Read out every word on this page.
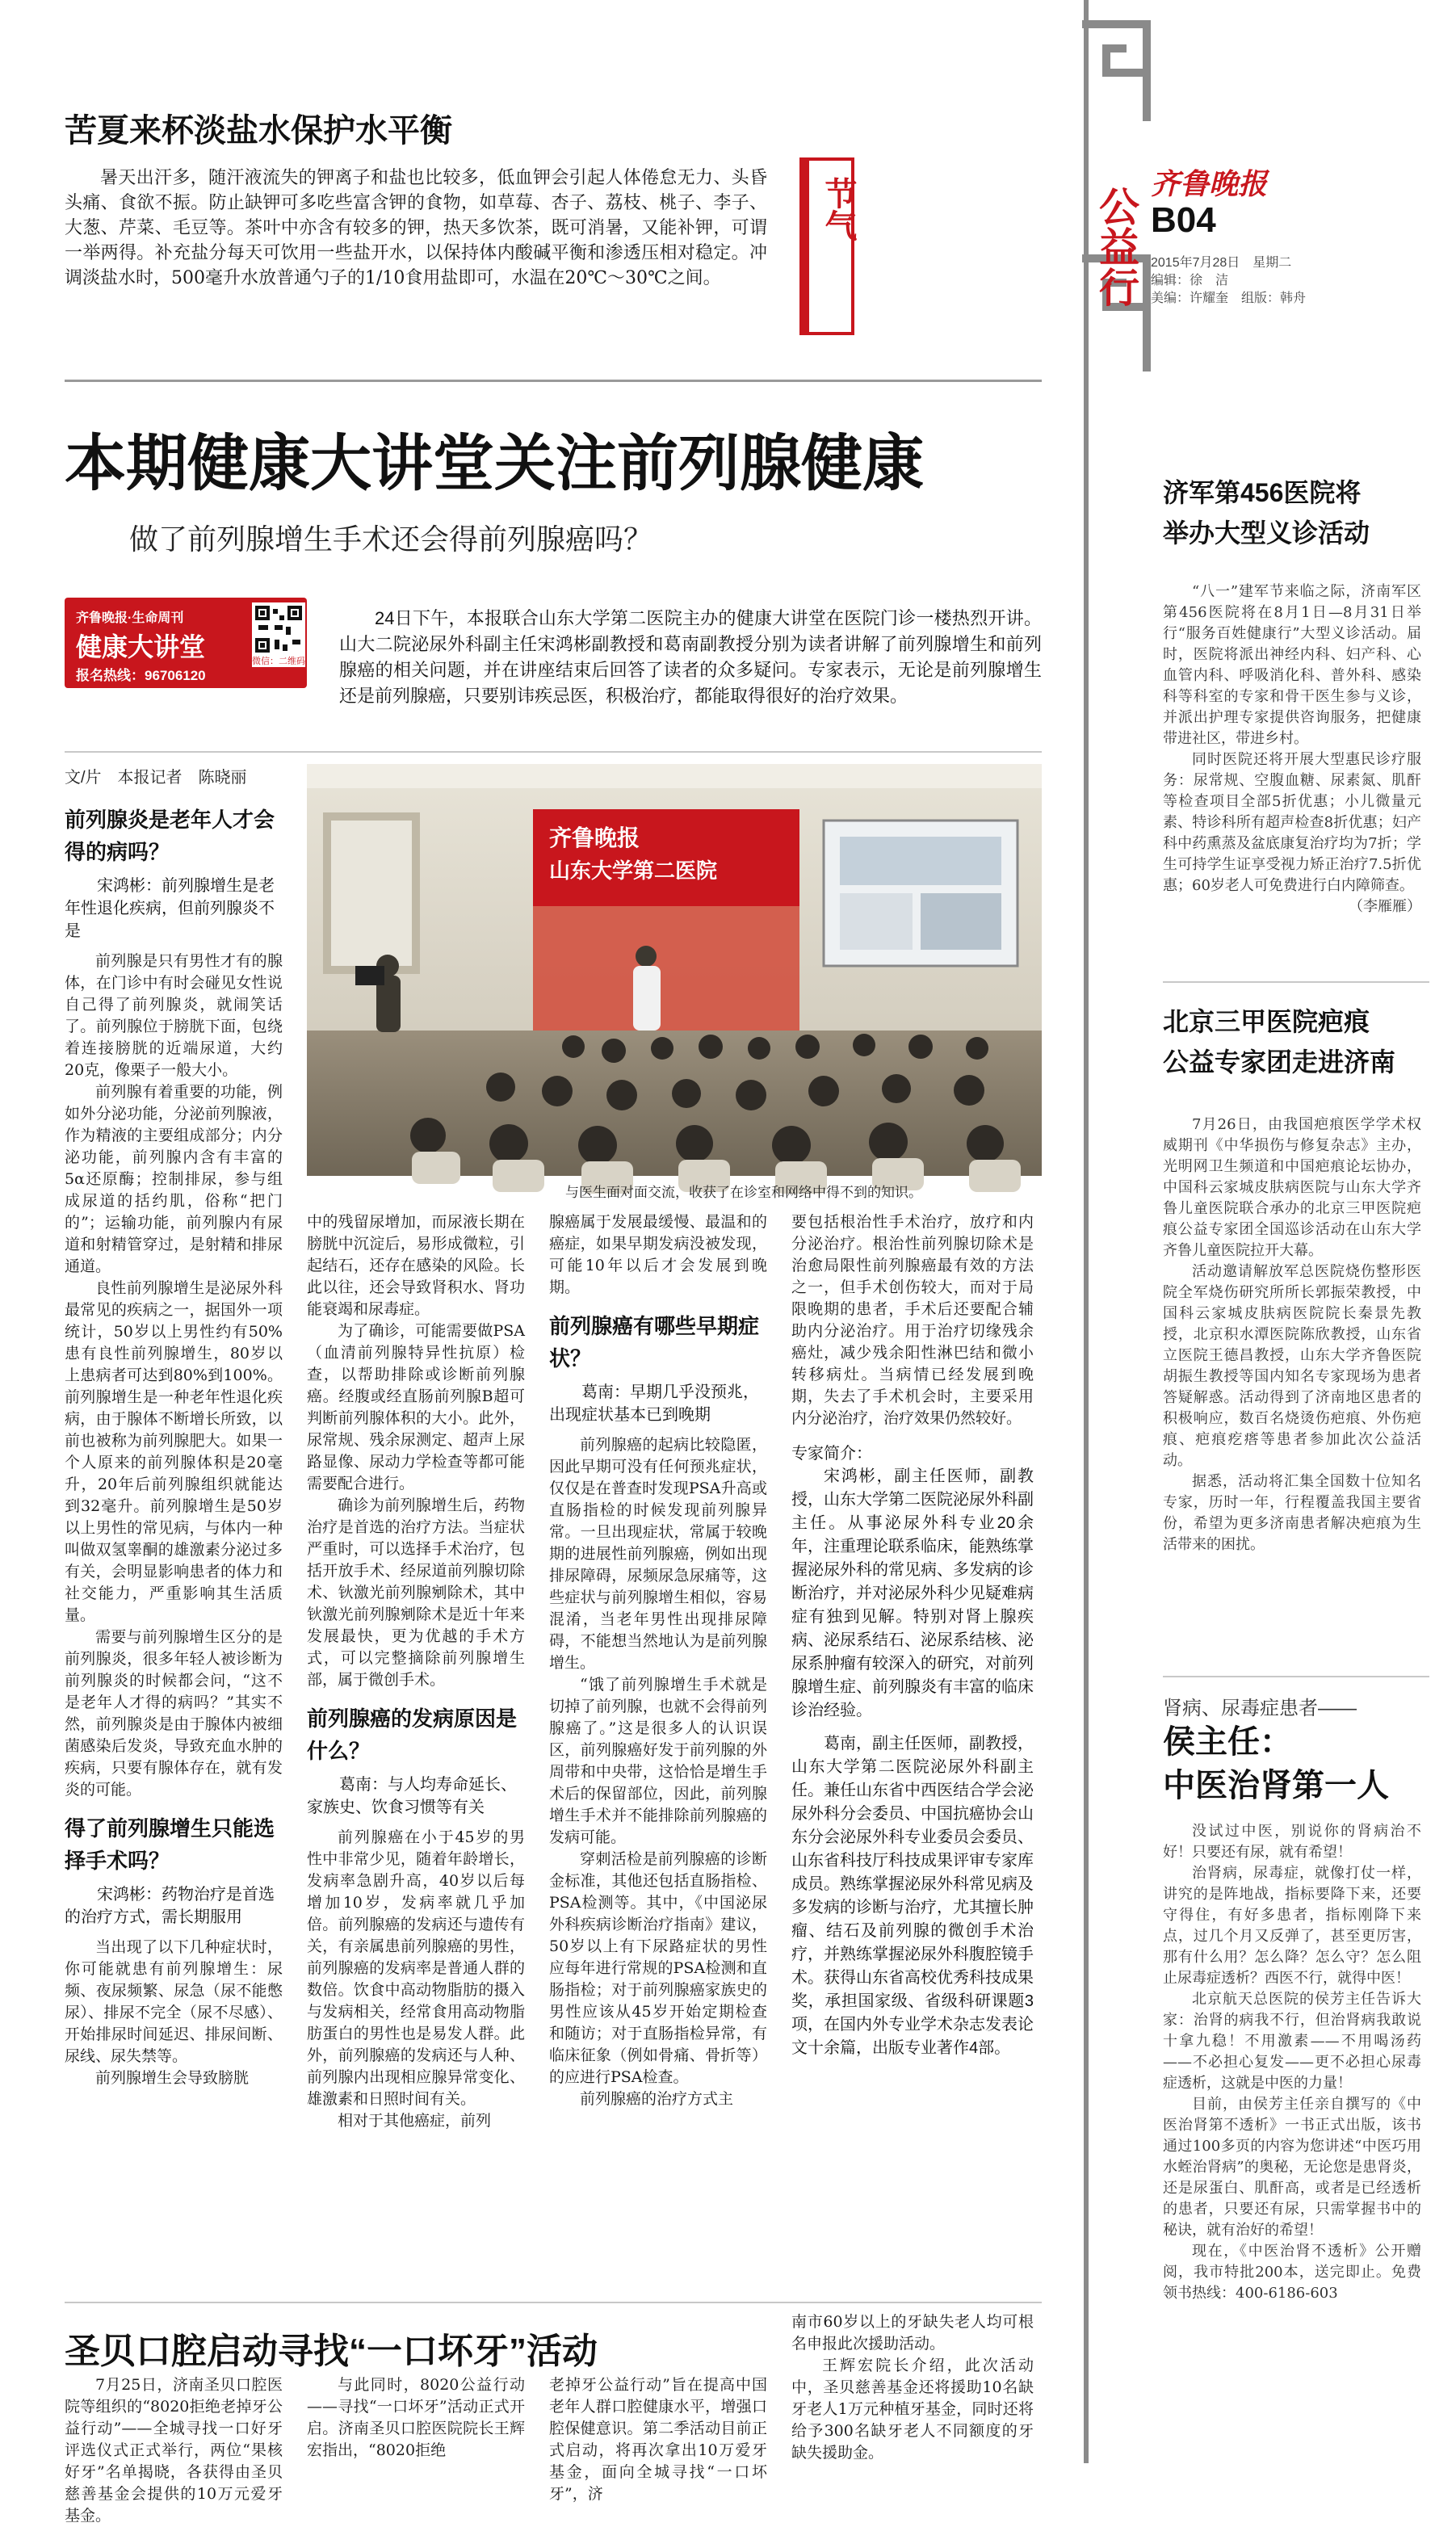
公益行
齐鲁晚报
B04
2015年7月28日　星期二
编辑：徐　洁
美编：许耀奎　组版：韩舟
苦夏来杯淡盐水保护水平衡

暑天出汗多，随汗液流失的钾离子和盐也比较多，低血钾会引起人体倦怠无力、头昏头痛、食欲不振。防止缺钾可多吃些富含钾的食物，如草莓、杏子、荔枝、桃子、李子、大葱、芹菜、毛豆等。茶叶中亦含有较多的钾，热天多饮茶，既可消暑，又能补钾，可谓一举两得。补充盐分每天可饮用一些盐开水，以保持体内酸碱平衡和渗透压相对稳定。冲调淡盐水时，500毫升水放普通勺子的1/10食用盐即可，水温在20℃～30℃之间。

节气
本期健康大讲堂关注前列腺健康
做了前列腺增生手术还会得前列腺癌吗？
齐鲁晚报·生命周刊
健康大讲堂
报名热线：96706120
微信：二维码

24日下午，本报联合山东大学第二医院主办的健康大讲堂在医院门诊一楼热烈开讲。山大二院泌尿外科副主任宋鸿彬副教授和葛南副教授分别为读者讲解了前列腺增生和前列腺癌的相关问题，并在讲座结束后回答了读者的众多疑问。专家表示，无论是前列腺增生还是前列腺癌，只要别讳疾忌医，积极治疗，都能取得很好的治疗效果。

文/片　本报记者　陈晓丽
齐鲁晚报
山东大学第二医院
与医生面对面交流，收获了在诊室和网络中得不到的知识。
前列腺炎是老年人才会得的病吗？
宋鸿彬：前列腺增生是老年性退化疾病，但前列腺炎不是

前列腺是只有男性才有的腺体，在门诊中有时会碰见女性说自己得了前列腺炎，就闹笑话了。前列腺位于膀胱下面，包绕着连接膀胱的近端尿道，大约20克，像栗子一般大小。

前列腺有着重要的功能，例如外分泌功能，分泌前列腺液，作为精液的主要组成部分；内分泌功能，前列腺内含有丰富的5α还原酶；控制排尿，参与组成尿道的括约肌，俗称“把门的”；运输功能，前列腺内有尿道和射精管穿过，是射精和排尿通道。

良性前列腺增生是泌尿外科最常见的疾病之一，据国外一项统计，50岁以上男性约有50%患有良性前列腺增生，80岁以上患病者可达到80%到100%。前列腺增生是一种老年性退化疾病，由于腺体不断增长所致，以前也被称为前列腺肥大。如果一个人原来的前列腺体积是20毫升，20年后前列腺组织就能达到32毫升。前列腺增生是50岁以上男性的常见病，与体内一种叫做双氢睾酮的雄激素分泌过多有关，会明显影响患者的体力和社交能力，严重影响其生活质量。

需要与前列腺增生区分的是前列腺炎，很多年轻人被诊断为前列腺炎的时候都会问，“这不是老年人才得的病吗？”其实不然，前列腺炎是由于腺体内被细菌感染后发炎，导致充血水肿的疾病，只要有腺体存在，就有发炎的可能。

得了前列腺增生只能选择手术吗？
宋鸿彬：药物治疗是首选的治疗方式，需长期服用

当出现了以下几种症状时，你可能就患有前列腺增生：尿频、夜尿频繁、尿急（尿不能憋尿）、排尿不完全（尿不尽感）、开始排尿时间延迟、排尿间断、尿线、尿失禁等。

前列腺增生会导致膀胱

中的残留尿增加，而尿液长期在膀胱中沉淀后，易形成微粒，引起结石，还存在感染的风险。长此以往，还会导致肾积水、肾功能衰竭和尿毒症。

为了确诊，可能需要做PSA（血清前列腺特异性抗原）检查，以帮助排除或诊断前列腺癌。经腹或经直肠前列腺B超可判断前列腺体积的大小。此外，尿常规、残余尿测定、超声上尿路显像、尿动力学检查等都可能需要配合进行。

确诊为前列腺增生后，药物治疗是首选的治疗方法。当症状严重时，可以选择手术治疗，包括开放手术、经尿道前列腺切除术、钬激光前列腺剜除术，其中钬激光前列腺剜除术是近十年来发展最快，更为优越的手术方式，可以完整摘除前列腺增生部，属于微创手术。

前列腺癌的发病原因是什么？
葛南：与人均寿命延长、家族史、饮食习惯等有关

前列腺癌在小于45岁的男性中非常少见，随着年龄增长，发病率急剧升高，40岁以后每增加10岁，发病率就几乎加倍。前列腺癌的发病还与遗传有关，有亲属患前列腺癌的男性，前列腺癌的发病率是普通人群的数倍。饮食中高动物脂肪的摄入与发病相关，经常食用高动物脂肪蛋白的男性也是易发人群。此外，前列腺癌的发病还与人种、前列腺内出现相应腺异常变化、雄激素和日照时间有关。

相对于其他癌症，前列

腺癌属于发展最缓慢、最温和的癌症，如果早期发病没被发现，可能10年以后才会发展到晚期。

前列腺癌有哪些早期症状？
葛南：早期几乎没预兆，出现症状基本已到晚期

前列腺癌的起病比较隐匿，因此早期可没有任何预兆症状，仅仅是在普查时发现PSA升高或直肠指检的时候发现前列腺异常。一旦出现症状，常属于较晚期的进展性前列腺癌，例如出现排尿障碍，尿频尿急尿痛等，这些症状与前列腺增生相似，容易混淆，当老年男性出现排尿障碍，不能想当然地认为是前列腺增生。

“饿了前列腺增生手术就是切掉了前列腺，也就不会得前列腺癌了。”这是很多人的认识误区，前列腺癌好发于前列腺的外周带和中央带，这恰恰是增生手术后的保留部位，因此，前列腺增生手术并不能排除前列腺癌的发病可能。

穿刺活检是前列腺癌的诊断金标准，其他还包括直肠指检、PSA检测等。其中，《中国泌尿外科疾病诊断治疗指南》建议，50岁以上有下尿路症状的男性应每年进行常规的PSA检测和直肠指检；对于前列腺癌家族史的男性应该从45岁开始定期检查和随访；对于直肠指检异常，有临床征象（例如骨痛、骨折等）的应进行PSA检查。

前列腺癌的治疗方式主

要包括根治性手术治疗，放疗和内分泌治疗。根治性前列腺切除术是治愈局限性前列腺癌最有效的方法之一，但手术创伤较大，而对于局限晚期的患者，手术后还要配合辅助内分泌治疗。用于治疗切缘残余癌灶，减少残余阳性淋巴结和微小转移病灶。当病情已经发展到晚期，失去了手术机会时，主要采用内分泌治疗，治疗效果仍然较好。

专家简介：

宋鸿彬，副主任医师，副教授，山东大学第二医院泌尿外科副主任。从事泌尿外科专业20余年，注重理论联系临床，能熟练掌握泌尿外科的常见病、多发病的诊断治疗，并对泌尿外科少见疑难病症有独到见解。特别对肾上腺疾病、泌尿系结石、泌尿系结核、泌尿系肿瘤有较深入的研究，对前列腺增生症、前列腺炎有丰富的临床诊治经验。

葛南，副主任医师，副教授，山东大学第二医院泌尿外科副主任。兼任山东省中西医结合学会泌尿外科分会委员、中国抗癌协会山东分会泌尿外科专业委员会委员、山东省科技厅科技成果评审专家库成员。熟练掌握泌尿外科常见病及多发病的诊断与治疗，尤其擅长肿瘤、结石及前列腺的微创手术治疗，并熟练掌握泌尿外科腹腔镜手术。获得山东省高校优秀科技成果奖，承担国家级、省级科研课题3项，在国内外专业学术杂志发表论文十余篇，出版专业著作4部。

圣贝口腔启动寻找“一口坏牙”活动

7月25日，济南圣贝口腔医院等组织的“8020拒绝老掉牙公益行动”——全城寻找一口好牙评选仪式正式举行，两位“果核好牙”名单揭晓，各获得由圣贝慈善基金会提供的10万元爱牙基金。

与此同时，8020公益行动——寻找“一口坏牙”活动正式开启。济南圣贝口腔医院院长王辉宏指出，“8020拒绝

老掉牙公益行动”旨在提高中国老年人群口腔健康水平，增强口腔保健意识。第二季活动目前正式启动，将再次拿出10万爱牙基金，面向全城寻找“一口坏牙”，济

南市60岁以上的牙缺失老人均可根名申报此次援助活动。

王辉宏院长介绍，此次活动中，圣贝慈善基金还将援助10名缺牙老人1万元种植牙基金，同时还将给予300名缺牙老人不同额度的牙缺失援助金。

济军第456医院将
举办大型义诊活动

“八一”建军节来临之际，济南军区第456医院将在8月1日—8月31日举行“服务百姓健康行”大型义诊活动。届时，医院将派出神经内科、妇产科、心血管内科、呼吸消化科、普外科、感染科等科室的专家和骨干医生参与义诊，并派出护理专家提供咨询服务，把健康带进社区，带进乡村。

同时医院还将开展大型惠民诊疗服务：尿常规、空腹血糖、尿素氮、肌酐等检查项目全部5折优惠；小儿微量元素、特诊科所有超声检查8折优惠；妇产科中药熏蒸及盆底康复治疗均为7折；学生可持学生证享受视力矫正治疗7.5折优惠；60岁老人可免费进行白内障筛查。

（李雁雁）

北京三甲医院疤痕
公益专家团走进济南

7月26日，由我国疤痕医学学术权威期刊《中华损伤与修复杂志》主办，光明网卫生频道和中国疤痕论坛协办，中国科云家城皮肤病医院与山东大学齐鲁儿童医院联合承办的北京三甲医院疤痕公益专家团全国巡诊活动在山东大学齐鲁儿童医院拉开大幕。

活动邀请解放军总医院烧伤整形医院全军烧伤研究所所长郭振荣教授，中国科云家城皮肤病医院院长秦景先教授，北京积水潭医院陈欣教授，山东省立医院王德昌教授，山东大学齐鲁医院胡振生教授等国内知名专家现场为患者答疑解惑。活动得到了济南地区患者的积极响应，数百名烧烫伤疤痕、外伤疤痕、疤痕疙瘩等患者参加此次公益活动。

据悉，活动将汇集全国数十位知名专家，历时一年，行程覆盖我国主要省份，希望为更多济南患者解决疤痕为生活带来的困扰。

肾病、尿毒症患者——
侯主任：
中医治肾第一人

没试过中医，别说你的肾病治不好！只要还有尿，就有希望！

治肾病，尿毒症，就像打仗一样，讲究的是阵地战，指标要降下来，还要守得住，有好多患者，指标刚降下来点，过几个月又反弹了，甚至更厉害，那有什么用？怎么降？怎么守？怎么阻止尿毒症透析？西医不行，就得中医！

北京航天总医院的侯芳主任告诉大家：治肾的病我不行，但治肾病我敢说十拿九稳！不用激素——不用喝汤药——不必担心复发——更不必担心尿毒症透析，这就是中医的力量！

目前，由侯芳主任亲自撰写的《中医治肾第不透析》一书正式出版，该书通过100多页的内容为您讲述“中医巧用水蛭治肾病”的奥秘，无论您是患肾炎，还是尿蛋白、肌酐高，或者是已经透析的患者，只要还有尿，只需掌握书中的秘诀，就有治好的希望！

现在，《中医治肾不透析》公开赠阅，我市特批200本，送完即止。免费领书热线：400-6186-603
